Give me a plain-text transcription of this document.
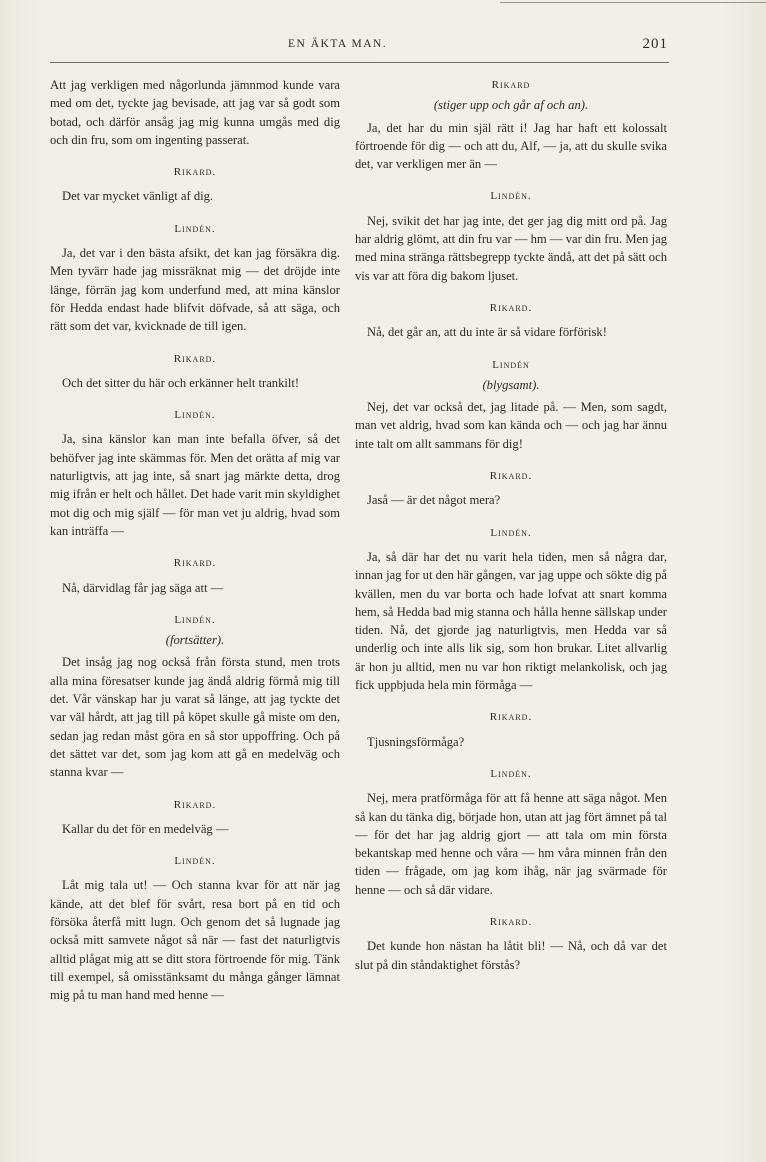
EN ÄKTA MAN.	201
Att jag verkligen med någorlunda jämnmod kunde vara med om det, tyckte jag bevisade, att jag var så godt som botad, och därför ansåg jag mig kunna umgås med dig och din fru, som om ingenting passerat.
Rikard.
Det var mycket vänligt af dig.
Lindén.
Ja, det var i den bästa afsikt, det kan jag försäkra dig. Men tyvärr hade jag missräknat mig — det dröjde inte länge, förrän jag kom underfund med, att mina känslor för Hedda endast hade blifvit döfvade, så att säga, och rätt som det var, kvicknade de till igen.
Rikard.
Och det sitter du här och erkänner helt trankilt!
Lindén.
Ja, sina känslor kan man inte befalla öfver, så det behöfver jag inte skämmas för. Men det orätta af mig var naturligtvis, att jag inte, så snart jag märkte detta, drog mig ifrån er helt och hållet. Det hade varit min skyldighet mot dig och mig själf — för man vet ju aldrig, hvad som kan inträffa —
Rikard.
Nå, därvidlag får jag säga att —
Lindén.
(fortsätter).
Det insåg jag nog också från första stund, men trots alla mina föresatser kunde jag ändå aldrig förmå mig till det. Vår vänskap har ju varat så länge, att jag tyckte det var väl hårdt, att jag till på köpet skulle gå miste om den, sedan jag redan måst göra en så stor uppoffring. Och på det sättet var det, som jag kom att gå en medelväg och stanna kvar —
Rikard.
Kallar du det för en medelväg —
Lindén.
Låt mig tala ut! — Och stanna kvar för att när jag kände, att det blef för svårt, resa bort på en tid och försöka återfå mitt lugn. Och genom det så lugnade jag också mitt samvete något så när — fast det naturligtvis alltid plågat mig att se ditt stora förtroende för mig. Tänk till exempel, så omisstänksamt du många gånger lämnat mig på tu man hand med henne —
Rikard
(stiger upp och går af och an).
Ja, det har du min själ rätt i! Jag har haft ett kolossalt förtroende för dig — och att du, Alf, — ja, att du skulle svika det, var verkligen mer än —
Lindén.
Nej, svikit det har jag inte, det ger jag dig mitt ord på. Jag har aldrig glömt, att din fru var — hm — var din fru. Men jag med mina stränga rättsbegrepp tyckte ändå, att det på sätt och vis var att föra dig bakom ljuset.
Rikard.
Nå, det går an, att du inte är så vidare förförisk!
Lindén
(blygsamt).
Nej, det var också det, jag litade på. — Men, som sagdt, man vet aldrig, hvad som kan kända och — och jag har ännu inte talt om allt sammans för dig!
Rikard.
Jaså — är det något mera?
Lindén.
Ja, så där har det nu varit hela tiden, men så några dar, innan jag for ut den här gången, var jag uppe och sökte dig på kvällen, men du var borta och hade lofvat att snart komma hem, så Hedda bad mig stanna och hålla henne sällskap under tiden. Nå, det gjorde jag naturligtvis, men Hedda var så underlig och inte alls lik sig, som hon brukar. Litet allvarlig är hon ju alltid, men nu var hon riktigt melankolisk, och jag fick uppbjuda hela min förmåga —
Rikard.
Tjusningsförmåga?
Lindén.
Nej, mera pratförmåga för att få henne att säga något. Men så kan du tänka dig, började hon, utan att jag fört ämnet på tal — för det har jag aldrig gjort — att tala om min första bekantskap med henne och våra — hm våra minnen från den tiden — frågade, om jag kom ihåg, när jag svärmade för henne — och så där vidare.
Rikard.
Det kunde hon nästan ha låtit bli! — Nå, och då var det slut på din ståndaktighet förstås?
